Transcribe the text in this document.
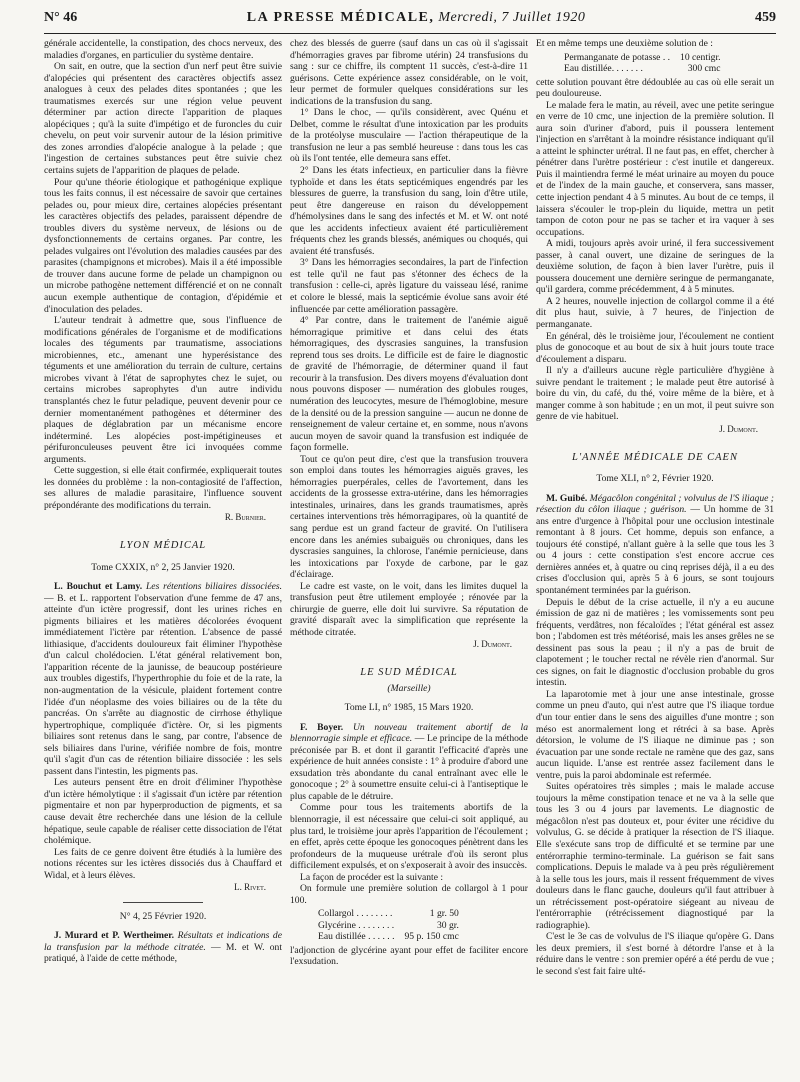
N° 46	LA PRESSE MÉDICALE, Mercredi, 7 Juillet 1920	459

générale accidentelle, la constipation, des chocs nerveux, des maladies d'organes, en particulier du système dentaire.

On sait, en outre, que la section d'un nerf peut être suivie d'alopécies qui présentent des caractères objectifs assez analogues à ceux des pelades dites spontanées ; que les traumatismes exercés sur une région velue peuvent déterminer par action directe l'apparition de plaques alopéciques ; qu'à la suite d'impétigo et de furoncles du cuir chevelu, on peut voir survenir autour de la lésion primitive des zones arrondies d'alopécie analogue à la pelade ; que l'ingestion de certaines substances peut être suivie chez certains sujets de l'apparition de plaques de pelade.

Pour qu'une théorie étiologique et pathogénique explique tous les faits connus, il est nécessaire de savoir que certaines pelades ou, pour mieux dire, certaines alopécies présentant les caractères objectifs des pelades, paraissent dépendre de troubles divers du système nerveux, de lésions ou de dysfonctionnements de certains organes. Par contre, les pelades vulgaires ont l'évolution des maladies causées par des parasites (champignons et microbes). Mais il a été impossible de trouver dans aucune forme de pelade un champignon ou un microbe pathogène nettement différencié et on ne connaît aucun exemple authentique de contagion, d'épidémie et d'inoculation des pelades.

L'auteur tendrait à admettre que, sous l'influence de modifications générales de l'organisme et de modifications locales des téguments par traumatisme, associations microbiennes, etc., amenant une hyperésistance des téguments et une amélioration du terrain de culture, certains microbes vivant à l'état de saprophytes chez le sujet, ou certains microbes saprophytes d'un autre individu transplantés chez le futur peladique, peuvent devenir pour ce dernier momentanément pathogènes et déterminer des plaques de déglabration par un mécanisme encore indéterminé. Les alopécies post-impétigineuses et périfuronculeuses peuvent être ici invoquées comme arguments.

Cette suggestion, si elle était confirmée, expliquerait toutes les données du problème : la non-contagiosité de l'affection, ses allures de maladie parasitaire, l'influence souvent prépondérante des modifications du terrain.

R. Burnier.
LYON MÉDICAL
Tome CXXIX, n° 2, 25 Janvier 1920.

L. Bouchut et Lamy. Les rétentions biliaires dissociées. — B. et L. rapportent l'observation d'une femme de 47 ans, atteinte d'un ictère progressif, dont les urines riches en pigments biliaires et les matières décolorées évoquent immédiatement l'ictère par rétention. L'absence de passé lithiasique, d'accidents douloureux fait éliminer l'hypothèse d'un calcul cholédocien. L'état général relativement bon, l'apparition récente de la jaunisse, de beaucoup postérieure aux troubles digestifs, l'hyperthrophie du foie et de la rate, la non-augmentation de la vésicule, plaident fortement contre l'idée d'un néoplasme des voies biliaires ou de la tête du pancréas. On s'arrête au diagnostic de cirrhose éthylique hypertrophique, compliquée d'ictère. Or, si les pigments biliaires sont retenus dans le sang, par contre, l'absence de sels biliaires dans l'urine, vérifiée nombre de fois, montre qu'il s'agit d'un cas de rétention biliaire dissociée : les sels passent dans l'intestin, les pigments pas.

Les auteurs pensent être en droit d'éliminer l'hypothèse d'un ictère hémolytique : il s'agissait d'un ictère par rétention pigmentaire et non par hyperproduction de pigments, et sa cause devait être recherchée dans une lésion de la cellule hépatique, seule capable de réaliser cette dissociation de l'état cholémique.

Les faits de ce genre doivent être étudiés à la lumière des notions récentes sur les ictères dissociés dus à Chauffard et Widal, et à leurs élèves.

L. Rivet.
N° 4, 25 Février 1920.

J. Murard et P. Wertheimer. Résultats et indications de la transfusion par la méthode citratée. — M. et W. ont pratiqué, à l'aide de cette méthode,

chez des blessés de guerre (sauf dans un cas où il s'agissait d'hémorragies graves par fibrome utérin) 24 transfusions du sang : sur ce chiffre, ils comptent 11 succès, c'est-à-dire 11 guérisons. Cette expérience assez considérable, on le voit, leur permet de formuler quelques considérations sur les indications de la transfusion du sang.

1° Dans le choc, — qu'ils considèrent, avec Quénu et Delbet, comme le résultat d'une intoxication par les produits de la protéolyse musculaire — l'action thérapeutique de la transfusion ne leur a pas semblé heureuse : dans tous les cas où ils l'ont tentée, elle demeura sans effet.

2° Dans les états infectieux, en particulier dans la fièvre typhoïde et dans les états septicémiques engendrés par les blessures de guerre, la transfusion du sang, loin d'être utile, peut être dangereuse en raison du développement d'hémolysines dans le sang des infectés et M. et W. ont noté que les accidents infectieux avaient été particulièrement fréquents chez les grands blessés, anémiques ou choqués, qui avaient été transfusés.

3° Dans les hémorragies secondaires, la part de l'infection est telle qu'il ne faut pas s'étonner des échecs de la transfusion : celle-ci, après ligature du vaisseau lésé, ranime et colore le blessé, mais la septicémie évolue sans avoir été influencée par cette amélioration passagère.

4° Par contre, dans le traitement de l'anémie aiguë hémorragique primitive et dans celui des états hémorragiques, des dyscrasies sanguines, la transfusion reprend tous ses droits. Le difficile est de faire le diagnostic de gravité de l'hémorragie, de déterminer quand il faut recourir à la transfusion. Des divers moyens d'évaluation dont nous pouvons disposer — numération des globules rouges, numération des leucocytes, mesure de l'hémoglobine, mesure de la densité ou de la pression sanguine — aucun ne donne de renseignement de valeur certaine et, en somme, nous n'avons aucun moyen de savoir quand la transfusion est indiquée de façon formelle.

Tout ce qu'on peut dire, c'est que la transfusion trouvera son emploi dans toutes les hémorragies aiguës graves, les hémorragies puerpérales, celles de l'avortement, dans les accidents de la grossesse extra-utérine, dans les hémorragies intestinales, urinaires, dans les grands traumatismes, après certaines interventions très hémorragipares, où la quantité de sang perdue est un grand facteur de gravité. On l'utilisera encore dans les anémies subaiguës ou chroniques, dans les dyscrasies sanguines, la chlorose, l'anémie pernicieuse, dans les intoxications par l'oxyde de carbone, par le gaz d'éclairage.

Le cadre est vaste, on le voit, dans les limites duquel la transfusion peut être utilement employée ; rénovée par la chirurgie de guerre, elle doit lui survivre. Sa réputation de gravité disparaît avec la simplification que représente la méthode citratée.

J. Dumont.
LE SUD MÉDICAL
(Marseille)
Tome LI, n° 1985, 15 Mars 1920.

F. Boyer. Un nouveau traitement abortif de la blennorragie simple et efficace. — Le principe de la méthode préconisée par B. et dont il garantit l'efficacité d'après une expérience de huit années consiste : 1° à produire d'abord une exsudation très abondante du canal entraînant avec elle le gonocoque ; 2° à soumettre ensuite celui-ci à l'antiseptique le plus capable de le détruire.

Comme pour tous les traitements abortifs de la blennorragie, il est nécessaire que celui-ci soit appliqué, au plus tard, le troisième jour après l'apparition de l'écoulement ; en effet, après cette époque les gonocoques pénètrent dans les profondeurs de la muqueuse urétrale d'où ils seront plus difficilement expulsés, et on s'exposerait à avoir des insuccès.

La façon de procéder est la suivante :

On formule une première solution de collargol à 1 pour 100.

Collargol . . . . . . . .	1 gr. 50
Glycérine . . . . . . . .	30 gr.
Eau distillée . . . . . .	95 p. 150 cmc

l'adjonction de glycérine ayant pour effet de faciliter encore l'exsudation.

Et en même temps une deuxième solution de :

Permanganate de potasse . .	10 centigr.
Eau distillée. . . . . . .	300 cmc

cette solution pouvant être dédoublée au cas où elle serait un peu douloureuse.

Le malade fera le matin, au réveil, avec une petite seringue en verre de 10 cmc, une injection de la première solution. Il aura soin d'uriner d'abord, puis il poussera lentement l'injection en s'arrêtant à la moindre résistance indiquant qu'il a atteint le sphincter urétral. Il ne faut pas, en effet, chercher à pénétrer dans l'urètre postérieur : c'est inutile et dangereux. Puis il maintiendra fermé le méat urinaire au moyen du pouce et de l'index de la main gauche, et conservera, sans masser, cette injection pendant 4 à 5 minutes. Au bout de ce temps, il laissera s'écouler le trop-plein du liquide, mettra un petit tampon de coton pour ne pas se tacher et ira vaquer à ses occupations.

A midi, toujours après avoir uriné, il fera successivement passer, à canal ouvert, une dizaine de seringues de la deuxième solution, de façon à bien laver l'urètre, puis il poussera doucement une dernière seringue de permanganate, qu'il gardera, comme précédemment, 4 à 5 minutes.

A 2 heures, nouvelle injection de collargol comme il a été dit plus haut, suivie, à 7 heures, de l'injection de permanganate.

En général, dès le troisième jour, l'écoulement ne contient plus de gonocoque et au bout de six à huit jours toute trace d'écoulement a disparu.

Il n'y a d'ailleurs aucune règle particulière d'hygiène à suivre pendant le traitement ; le malade peut être autorisé à boire du vin, du café, du thé, voire même de la bière, et à manger comme à son habitude ; en un mot, il peut suivre son genre de vie habituel.

J. Dumont.
L'ANNÉE MÉDICALE DE CAEN
Tome XLI, n° 2, Février 1920.

M. Guibé. Mégacôlon congénital ; volvulus de l'S iliaque ; résection du côlon iliaque ; guérison. — Un homme de 31 ans entre d'urgence à l'hôpital pour une occlusion intestinale remontant à 8 jours. Cet homme, depuis son enfance, a toujours été constipé, n'allant guère à la selle que tous les 3 ou 4 jours : cette constipation s'est encore accrue ces dernières années et, à quatre ou cinq reprises déjà, il a eu des crises d'occlusion qui, après 5 à 6 jours, se sont toujours spontanément terminées par la guérison.

Depuis le début de la crise actuelle, il n'y a eu aucune émission de gaz ni de matières ; les vomissements sont peu fréquents, verdâtres, non fécaloïdes ; l'état général est assez bon ; l'abdomen est très météorisé, mais les anses grêles ne se dessinent pas sous la peau ; il n'y a pas de bruit de clapotement ; le toucher rectal ne révèle rien d'anormal. Sur ces signes, on fait le diagnostic d'occlusion probable du gros intestin.

La laparotomie met à jour une anse intestinale, grosse comme un pneu d'auto, qui n'est autre que l'S iliaque tordue d'un tour entier dans le sens des aiguilles d'une montre ; son méso est anormalement long et rétréci à sa base. Après détorsion, le volume de l'S iliaque ne diminue pas ; son évacuation par une sonde rectale ne ramène que des gaz, sans aucun liquide. L'anse est rentrée assez facilement dans le ventre, puis la paroi abdominale est refermée.

Suites opératoires très simples ; mais le malade accuse toujours la même constipation tenace et ne va à la selle que tous les 3 ou 4 jours par lavements. Le diagnostic de mégacôlon n'est pas douteux et, pour éviter une récidive du volvulus, G. se décide à pratiquer la résection de l'S iliaque. Elle s'exécute sans trop de difficulté et se termine par une entérorraphie termino-terminale. La guérison se fait sans complications. Depuis le malade va à peu près régulièrement à la selle tous les jours, mais il ressent fréquemment de vives douleurs dans le flanc gauche, douleurs qu'il faut attribuer à un rétrécissement post-opératoire siégeant au niveau de l'entérorraphie (rétrécissement diagnostiqué par la radiographie).

C'est le 3e cas de volvulus de l'S iliaque qu'opère G. Dans les deux premiers, il s'est borné à détordre l'anse et à la réduire dans le ventre : son premier opéré a été perdu de vue ; le second s'est fait faire ulté-
